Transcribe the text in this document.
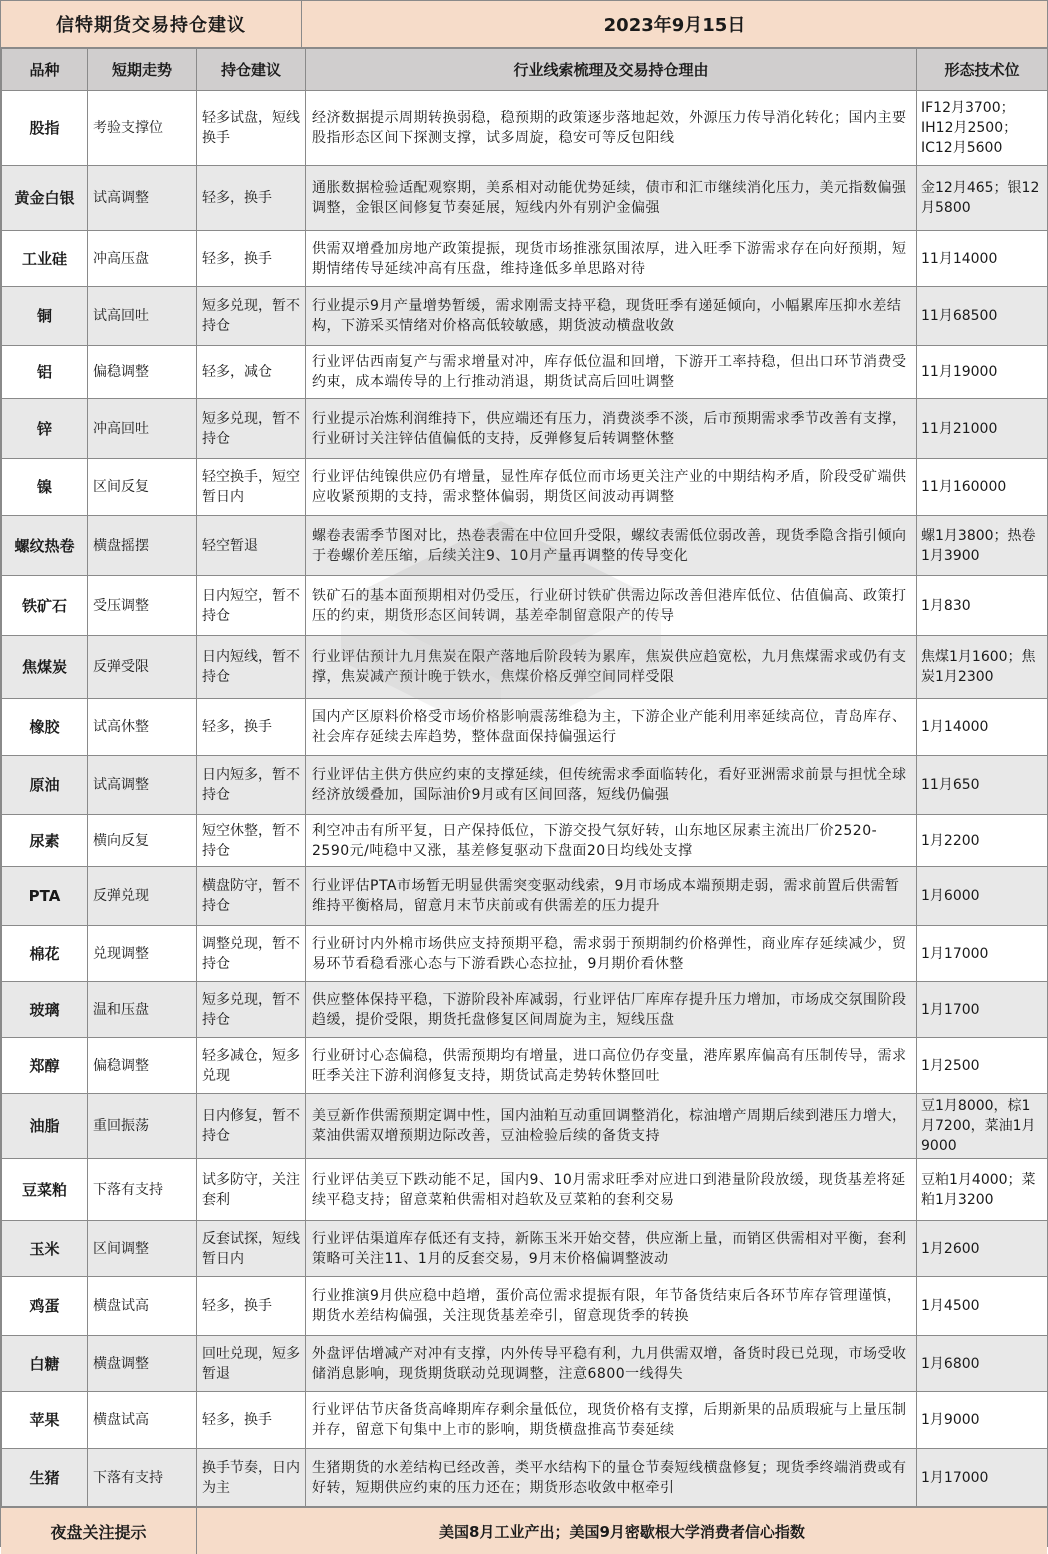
信特期货交易持仓建议	2023年9月15日
品种	短期走势	持仓建议	行业线索梳理及交易持仓理由	形态技术位
股指	考验支撑位	轻多试盘，短线换手	经济数据提示周期转换弱稳，稳预期的政策逐步落地起效，外源压力传导消化转化；国内主要股指形态区间下探测支撑，试多周旋，稳安可等反包阳线	IF12月3700；IH12月2500；IC12月5600
黄金白银	试高调整	轻多，换手	通胀数据检验适配观察期，美系相对动能优势延续，债市和汇市继续消化压力，美元指数偏强调整，金银区间修复节奏延展，短线内外有别沪金偏强	金12月465；银12月5800
工业硅	冲高压盘	轻多，换手	供需双增叠加房地产政策提振，现货市场推涨氛围浓厚，进入旺季下游需求存在向好预期，短期情绪传导延续冲高有压盘，维持逢低多单思路对待	11月14000
铜	试高回吐	短多兑现，暂不持仓	行业提示9月产量增势暂缓，需求刚需支持平稳，现货旺季有递延倾向，小幅累库压抑水差结构，下游采买情绪对价格高低较敏感，期货波动横盘收敛	11月68500
铝	偏稳调整	轻多，减仓	行业评估西南复产与需求增量对冲，库存低位温和回增，下游开工率持稳，但出口环节消费受约束，成本端传导的上行推动消退，期货试高后回吐调整	11月19000
锌	冲高回吐	短多兑现，暂不持仓	行业提示冶炼利润维持下，供应端还有压力，消费淡季不淡，后市预期需求季节改善有支撑，行业研讨关注锌估值偏低的支持，反弹修复后转调整休整	11月21000
镍	区间反复	轻空换手，短空暂日内	行业评估纯镍供应仍有增量，显性库存低位而市场更关注产业的中期结构矛盾，阶段受矿端供应收紧预期的支持，需求整体偏弱，期货区间波动再调整	11月160000
螺纹热卷	横盘摇摆	轻空暂退	螺卷表需季节图对比，热卷表需在中位回升受限，螺纹表需低位弱改善，现货季隐含指引倾向于卷螺价差压缩，后续关注9、10月产量再调整的传导变化	螺1月3800；热卷1月3900
铁矿石	受压调整	日内短空，暂不持仓	铁矿石的基本面预期相对仍受压，行业研讨铁矿供需边际改善但港库低位、估值偏高、政策打压的约束，期货形态区间转调，基差牵制留意限产的传导	1月830
焦煤炭	反弹受限	日内短线，暂不持仓	行业评估预计九月焦炭在限产落地后阶段转为累库，焦炭供应趋宽松，九月焦煤需求或仍有支撑，焦炭减产预计晚于铁水，焦煤价格反弹空间同样受限	焦煤1月1600；焦炭1月2300
橡胶	试高休整	轻多，换手	国内产区原料价格受市场价格影响震荡维稳为主，下游企业产能利用率延续高位，青岛库存、社会库存延续去库趋势，整体盘面保持偏强运行	1月14000
原油	试高调整	日内短多，暂不持仓	行业评估主供方供应约束的支撑延续，但传统需求季面临转化，看好亚洲需求前景与担忧全球经济放缓叠加，国际油价9月或有区间回落，短线仍偏强	11月650
尿素	横向反复	短空休整，暂不持仓	利空冲击有所平复，日产保持低位，下游交投气氛好转，山东地区尿素主流出厂价2520-2590元/吨稳中又涨，基差修复驱动下盘面20日均线处支撑	1月2200
PTA	反弹兑现	横盘防守，暂不持仓	行业评估PTA市场暂无明显供需突变驱动线索，9月市场成本端预期走弱，需求前置后供需暂维持平衡格局，留意月末节庆前或有供需差的压力提升	1月6000
棉花	兑现调整	调整兑现，暂不持仓	行业研讨内外棉市场供应支持预期平稳，需求弱于预期制约价格弹性，商业库存延续减少，贸易环节看稳看涨心态与下游看跌心态拉扯，9月期价看休整	1月17000
玻璃	温和压盘	短多兑现，暂不持仓	供应整体保持平稳，下游阶段补库减弱，行业评估厂库库存提升压力增加，市场成交氛围阶段趋缓，提价受限，期货托盘修复区间周旋为主，短线压盘	1月1700
郑醇	偏稳调整	轻多减仓，短多兑现	行业研讨心态偏稳，供需预期均有增量，进口高位仍存变量，港库累库偏高有压制传导，需求旺季关注下游利润修复支持，期货试高走势转休整回吐	1月2500
油脂	重回振荡	日内修复，暂不持仓	美豆新作供需预期定调中性，国内油粕互动重回调整消化，棕油增产周期后续到港压力增大，菜油供需双增预期边际改善，豆油检验后续的备货支持	豆1月8000，棕1月7200，菜油1月9000
豆菜粕	下落有支持	试多防守，关注套利	行业评估美豆下跌动能不足，国内9、10月需求旺季对应进口到港量阶段放缓，现货基差将延续平稳支持；留意菜粕供需相对趋软及豆菜粕的套利交易	豆粕1月4000；菜粕1月3200
玉米	区间调整	反套试探，短线暂日内	行业评估渠道库存低还有支持，新陈玉米开始交替，供应渐上量，而销区供需相对平衡，套利策略可关注11、1月的反套交易，9月末价格偏调整波动	1月2600
鸡蛋	横盘试高	轻多，换手	行业推演9月供应稳中趋增，蛋价高位需求提振有限，年节备货结束后各环节库存管理谨慎，期货水差结构偏强，关注现货基差牵引，留意现货季的转换	1月4500
白糖	横盘调整	回吐兑现，短多暂退	外盘评估增减产对冲有支撑，内外传导平稳有利，九月供需双增，备货时段已兑现，市场受收储消息影响，现货期货联动兑现调整，注意6800一线得失	1月6800
苹果	横盘试高	轻多，换手	行业评估节庆备货高峰期库存剩余量低位，现货价格有支撑，后期新果的品质瑕疵与上量压制并存，留意下旬集中上市的影响，期货横盘推高节奏延续	1月9000
生猪	下落有支持	换手节奏，日内为主	生猪期货的水差结构已经改善，类平水结构下的量仓节奏短线横盘修复；现货季终端消费或有好转，短期供应约束的压力还在；期货形态收敛中枢牵引	1月17000
夜盘关注提示	美国8月工业产出；美国9月密歇根大学消费者信心指数
